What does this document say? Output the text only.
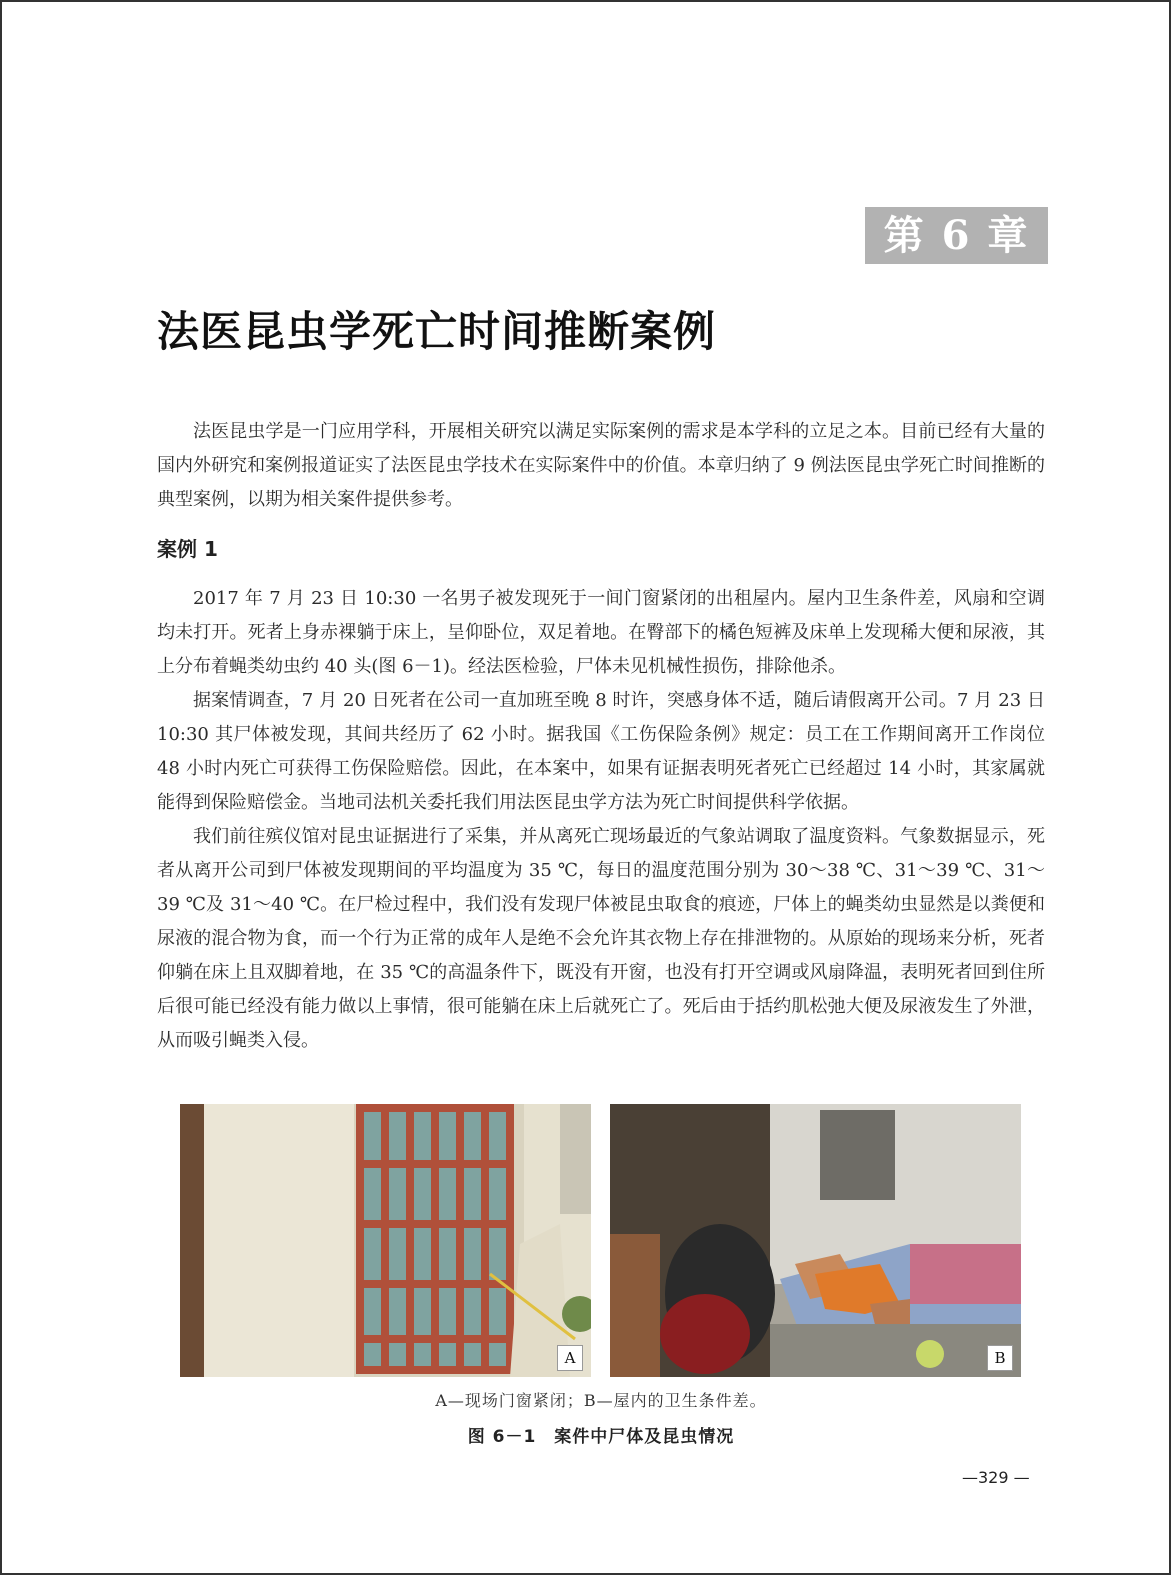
第 6 章
法医昆虫学死亡时间推断案例

法医昆虫学是一门应用学科，开展相关研究以满足实际案例的需求是本学科的立足之本。目前已经有大量的国内外研究和案例报道证实了法医昆虫学技术在实际案件中的价值。本章归纳了 9 例法医昆虫学死亡时间推断的典型案例，以期为相关案件提供参考。

案例 1

2017 年 7 月 23 日 10:30 一名男子被发现死于一间门窗紧闭的出租屋内。屋内卫生条件差，风扇和空调均未打开。死者上身赤裸躺于床上，呈仰卧位，双足着地。在臀部下的橘色短裤及床单上发现稀大便和尿液，其上分布着蝇类幼虫约 40 头(图 6－1)。经法医检验，尸体未见机械性损伤，排除他杀。

据案情调查，7 月 20 日死者在公司一直加班至晚 8 时许，突感身体不适，随后请假离开公司。7 月 23 日 10:30 其尸体被发现，其间共经历了 62 小时。据我国《工伤保险条例》规定：员工在工作期间离开工作岗位 48 小时内死亡可获得工伤保险赔偿。因此，在本案中，如果有证据表明死者死亡已经超过 14 小时，其家属就能得到保险赔偿金。当地司法机关委托我们用法医昆虫学方法为死亡时间提供科学依据。

我们前往殡仪馆对昆虫证据进行了采集，并从离死亡现场最近的气象站调取了温度资料。气象数据显示，死者从离开公司到尸体被发现期间的平均温度为 35 ℃，每日的温度范围分别为 30～38 ℃、31～39 ℃、31～39 ℃及 31～40 ℃。在尸检过程中，我们没有发现尸体被昆虫取食的痕迹，尸体上的蝇类幼虫显然是以粪便和尿液的混合物为食，而一个行为正常的成年人是绝不会允许其衣物上存在排泄物的。从原始的现场来分析，死者仰躺在床上且双脚着地，在 35 ℃的高温条件下，既没有开窗，也没有打开空调或风扇降温，表明死者回到住所后很可能已经没有能力做以上事情，很可能躺在床上后就死亡了。死后由于括约肌松弛大便及尿液发生了外泄，从而吸引蝇类入侵。

A	B
A—现场门窗紧闭；B—屋内的卫生条件差。
图 6－1　案件中尸体及昆虫情况
—329 —
